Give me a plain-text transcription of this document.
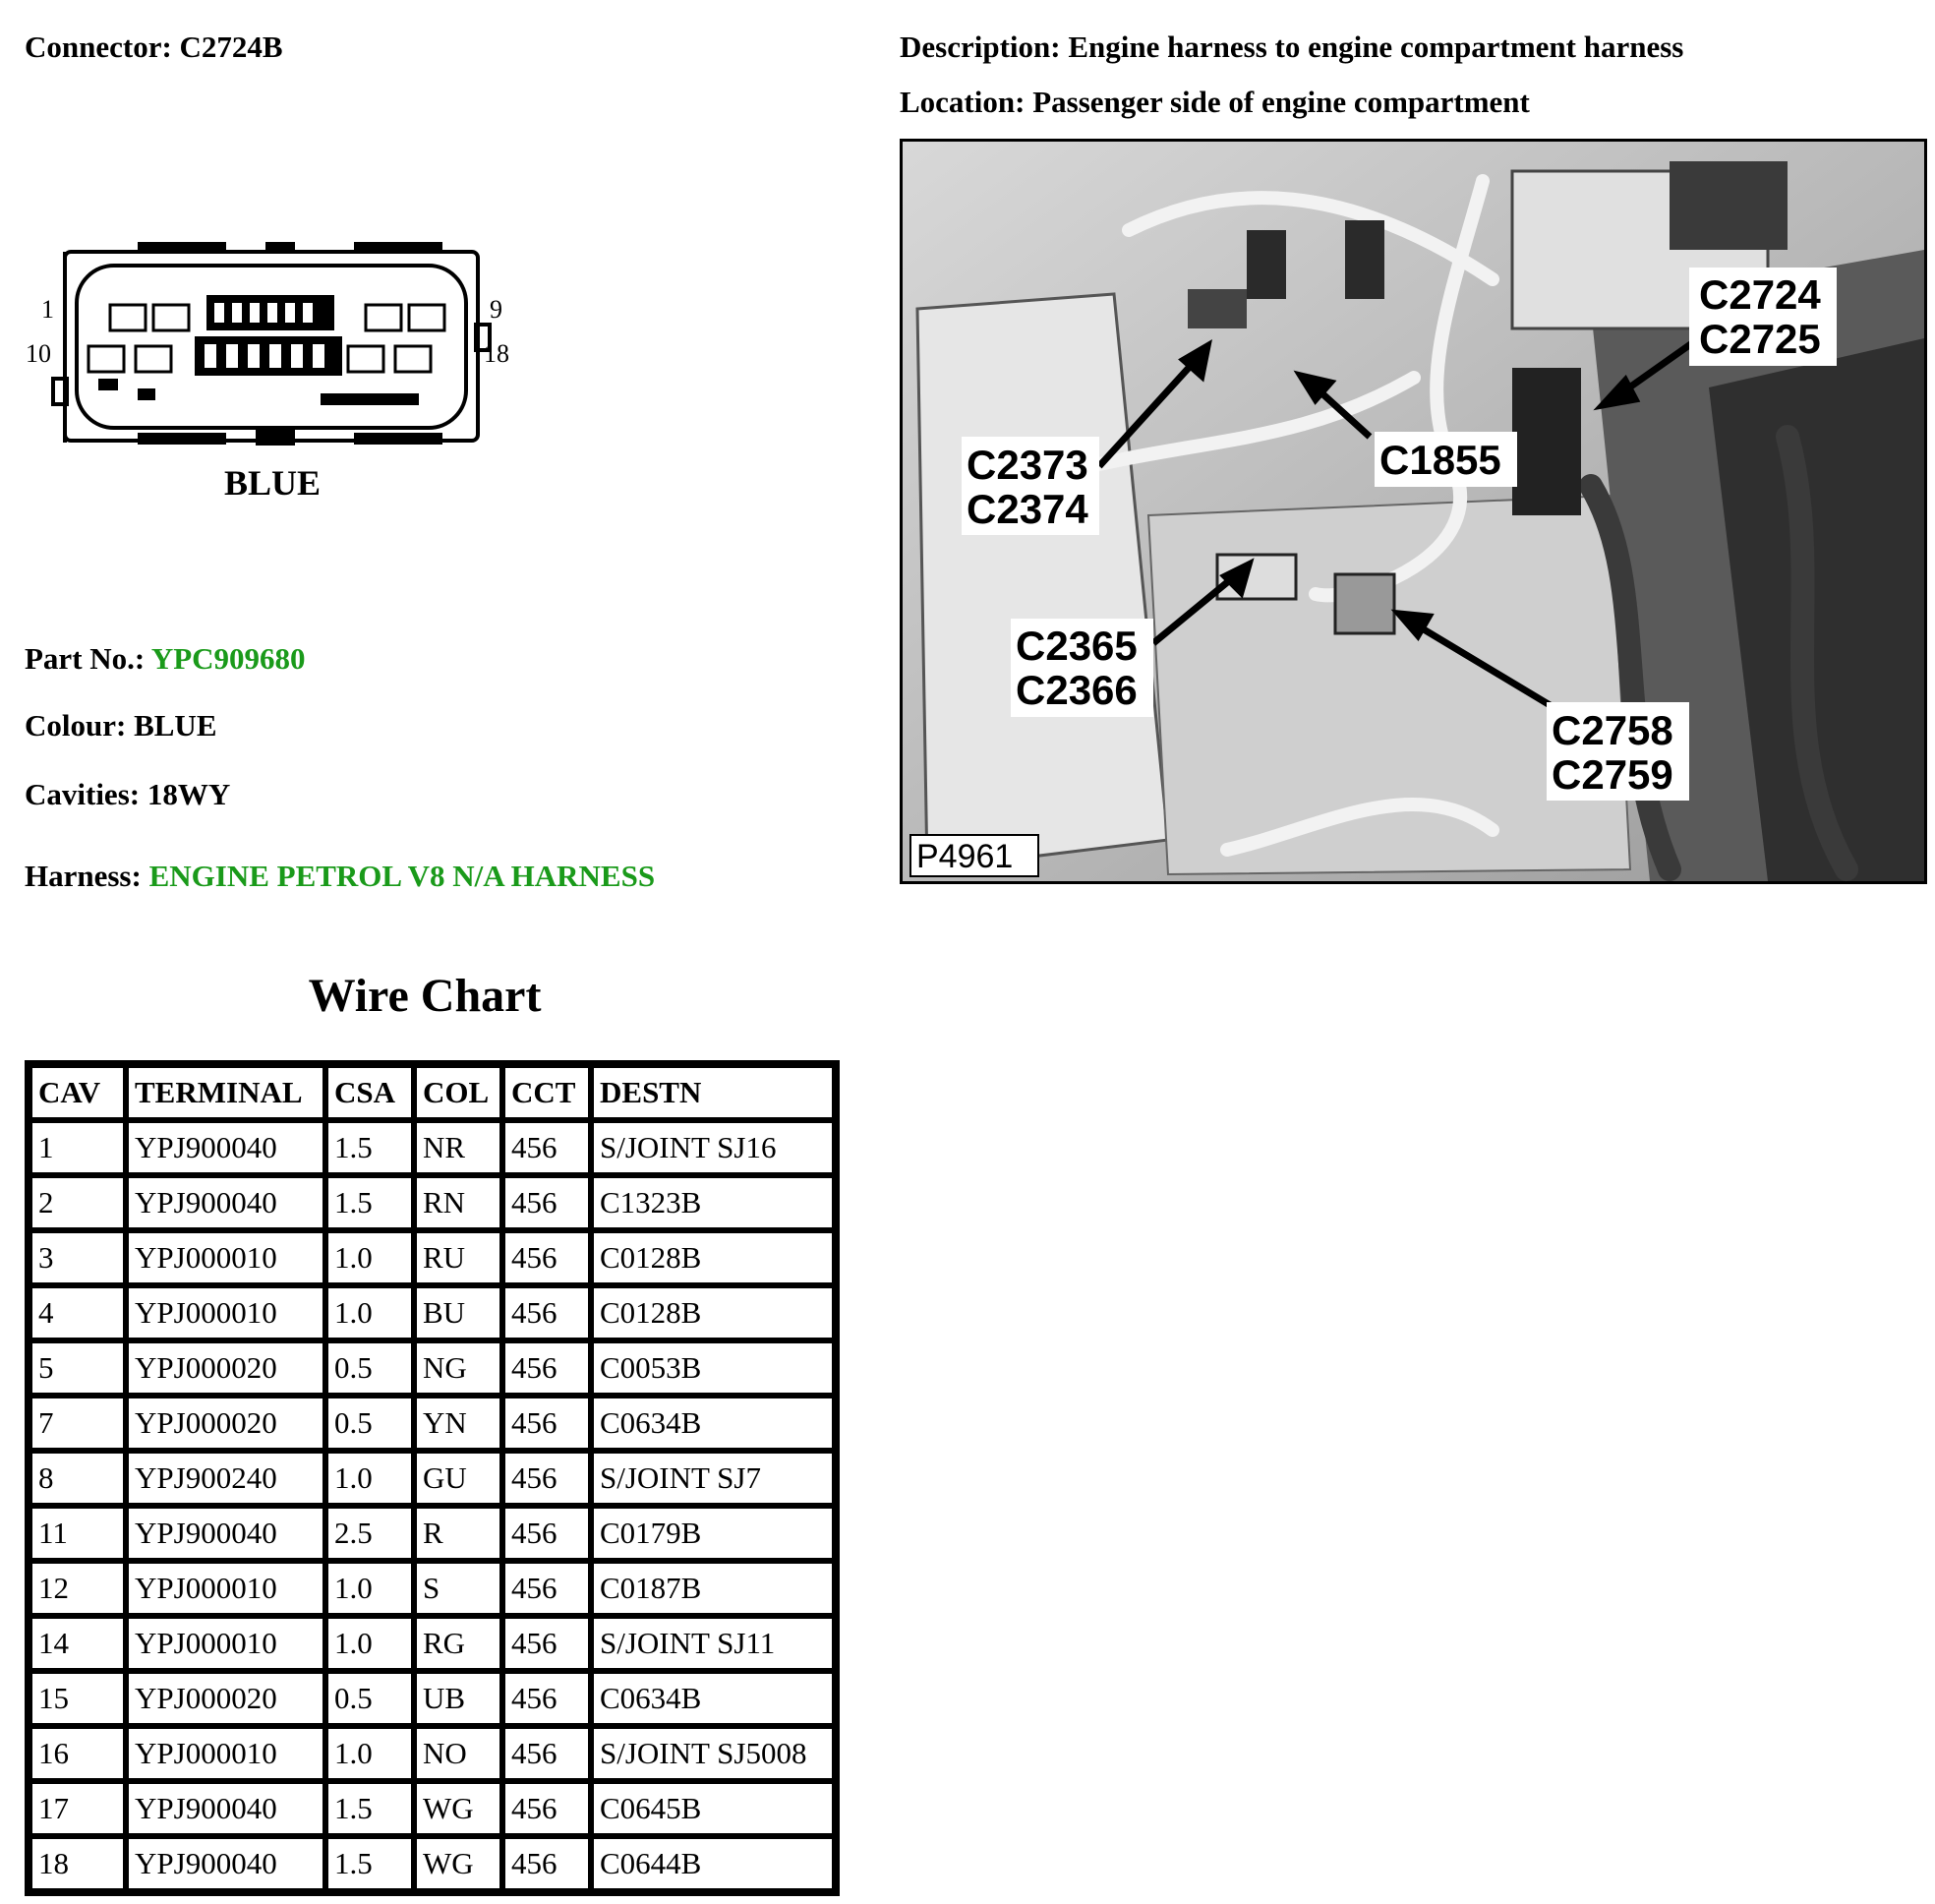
Connector: C2724B	Description: Engine harness to engine compartment harness
Location: Passenger side of engine compartment
1
10
9
18
BLUE
Part No.: YPC909680
Colour: BLUE
Cavities: 18WY
Harness: ENGINE PETROL V8 N/A HARNESS
C2724
C2725
C2373
C2374
C1855
C2365
C2366
C2758
C2759
P4961
Wire Chart
CAV	TERMINAL	CSA	COL	CCT	DESTN
1	YPJ900040	1.5	NR	456	S/JOINT SJ16
2	YPJ900040	1.5	RN	456	C1323B
3	YPJ000010	1.0	RU	456	C0128B
4	YPJ000010	1.0	BU	456	C0128B
5	YPJ000020	0.5	NG	456	C0053B
7	YPJ000020	0.5	YN	456	C0634B
8	YPJ900240	1.0	GU	456	S/JOINT SJ7
11	YPJ900040	2.5	R	456	C0179B
12	YPJ000010	1.0	S	456	C0187B
14	YPJ000010	1.0	RG	456	S/JOINT SJ11
15	YPJ000020	0.5	UB	456	C0634B
16	YPJ000010	1.0	NO	456	S/JOINT SJ5008
17	YPJ900040	1.5	WG	456	C0645B
18	YPJ900040	1.5	WG	456	C0644B
